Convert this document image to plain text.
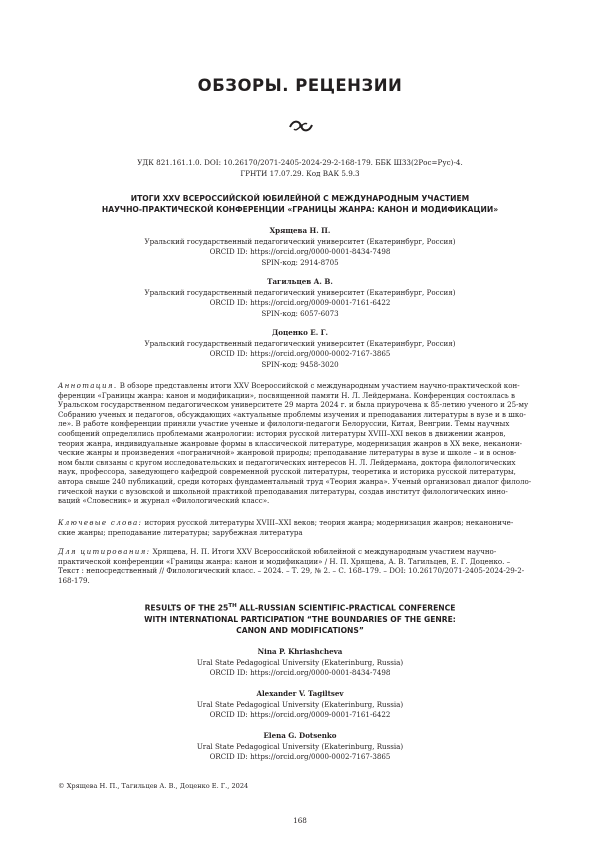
ОБЗОРЫ. РЕЦЕНЗИИ
УДК 821.161.1.0. DOI: 10.26170/2071-2405-2024-29-2-168-179. ББК Ш33(2Рос=Рус)-4.
ГРНТИ 17.07.29. Код ВАК 5.9.3
ИТОГИ XXV ВСЕРОССИЙСКОЙ ЮБИЛЕЙНОЙ С МЕЖДУНАРОДНЫМ УЧАСТИЕМ
НАУЧНО-ПРАКТИЧЕСКОЙ КОНФЕРЕНЦИИ «ГРАНИЦЫ ЖАНРА: КАНОН И МОДИФИКАЦИИ»
Хрящева Н. П.
Уральский государственный педагогический университет (Екатеринбург, Россия)
ORCID ID: https://orcid.org/0000-0001-8434-7498
SPIN-код: 2914-8705
Тагильцев А. В.
Уральский государственный педагогический университет (Екатеринбург, Россия)
ORCID ID: https://orcid.org/0009-0001-7161-6422
SPIN-код: 6057-6073
Доценко Е. Г.
Уральский государственный педагогический университет (Екатеринбург, Россия)
ORCID ID: https://orcid.org/0000-0002-7167-3865
SPIN-код: 9458-3020
Аннотация. В обзоре представлены итоги XXV Всероссийской с международным участием научно-практической кон-
ференции «Границы жанра: канон и модификации», посвященной памяти Н. Л. Лейдермана. Конференция состоялась в
Уральском государственном педагогическом университете 29 марта 2024 г. и была приурочена к 85-летию ученого и 25-му
Собранию ученых и педагогов, обсуждающих «актуальные проблемы изучения и преподавания литературы в вузе и в шко-
ле». В работе конференции приняли участие ученые и филологи-педагоги Белоруссии, Китая, Венгрии. Темы научных
сообщений определялись проблемами жанрологии: история русской литературы XVIII–XXI веков в движении жанров,
теория жанра, индивидуальные жанровые формы в классической литературе, модернизация жанров в XX веке, неканони-
ческие жанры и произведения «пограничной» жанровой природы; преподавание литературы в вузе и школе – и в основ-
ном были связаны с кругом исследовательских и педагогических интересов Н. Л. Лейдермана, доктора филологических
наук, профессора, заведующего кафедрой современной русской литературы, теоретика и историка русской литературы,
автора свыше 240 публикаций, среди которых фундаментальный труд «Теория жанра». Ученый организовал диалог филоло-
гической науки с вузовской и школьной практикой преподавания литературы, создав институт филологических инно-
ваций «Словесник» и журнал «Филологический класс».
Ключевые слова: история русской литературы XVIII–XXI веков; теория жанра; модернизация жанров; неканониче-
ские жанры; преподавание литературы; зарубежная литература
Для цитирования: Хрящева, Н. П. Итоги XXV Всероссийской юбилейной с международным участием научно-
практической конференции «Границы жанра: канон и модификации» / Н. П. Хрящева, А. В. Тагильцев, Е. Г. Доценко. –
Текст : непосредственный // Филологический класс. – 2024. – Т. 29, № 2. – С. 168–179. – DOI: 10.26170/2071-2405-2024-29-2-
168-179.
RESULTS OF THE 25TH ALL-RUSSIAN SCIENTIFIC-PRACTICAL CONFERENCE
WITH INTERNATIONAL PARTICIPATION “THE BOUNDARIES OF THE GENRE:
CANON AND MODIFICATIONS”
Nina P. Khriashcheva
Ural State Pedagogical University (Ekaterinburg, Russia)
ORCID ID: https://orcid.org/0000-0001-8434-7498
Alexander V. Tagiltsev
Ural State Pedagogical University (Ekaterinburg, Russia)
ORCID ID: https://orcid.org/0009-0001-7161-6422
Elena G. Dotsenko
Ural State Pedagogical University (Ekaterinburg, Russia)
ORCID ID: https://orcid.org/0000-0002-7167-3865
© Хрящева Н. П., Тагильцев А. В., Доценко Е. Г., 2024
168
